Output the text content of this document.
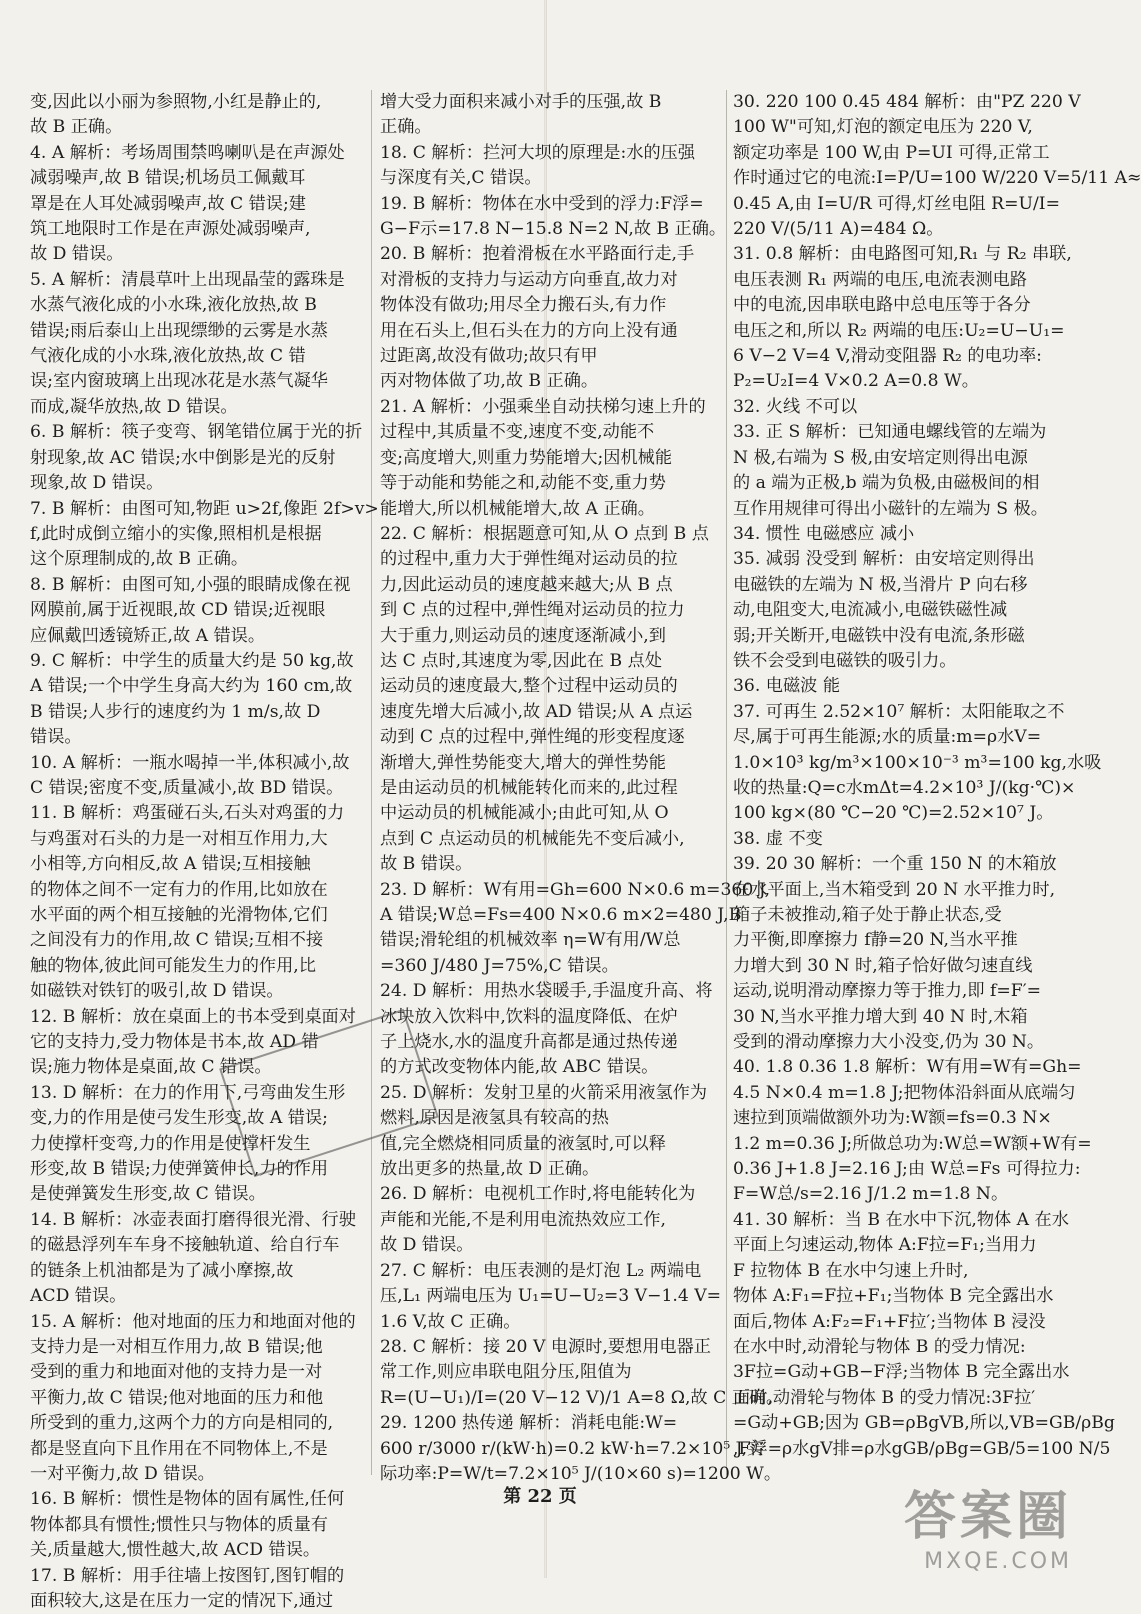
变,因此以小丽为参照物,小红是静止的,
故 B 正确。
4. A 解析：考场周围禁鸣喇叭是在声源处
减弱噪声,故 B 错误;机场员工佩戴耳
罩是在人耳处减弱噪声,故 C 错误;建
筑工地限时工作是在声源处减弱噪声,
故 D 错误。
5. A 解析：清晨草叶上出现晶莹的露珠是
水蒸气液化成的小水珠,液化放热,故 B
错误;雨后泰山上出现缥缈的云雾是水蒸
气液化成的小水珠,液化放热,故 C 错
误;室内窗玻璃上出现冰花是水蒸气凝华
而成,凝华放热,故 D 错误。
6. B 解析：筷子变弯、钢笔错位属于光的折
射现象,故 AC 错误;水中倒影是光的反射
现象,故 D 错误。
7. B 解析：由图可知,物距 u>2f,像距 2f>v>
f,此时成倒立缩小的实像,照相机是根据
这个原理制成的,故 B 正确。
8. B 解析：由图可知,小强的眼睛成像在视
网膜前,属于近视眼,故 CD 错误;近视眼
应佩戴凹透镜矫正,故 A 错误。
9. C 解析：中学生的质量大约是 50 kg,故
A 错误;一个中学生身高大约为 160 cm,故
B 错误;人步行的速度约为 1 m/s,故 D
错误。
10. A 解析：一瓶水喝掉一半,体积减小,故
C 错误;密度不变,质量减小,故 BD 错误。
11. B 解析：鸡蛋碰石头,石头对鸡蛋的力
与鸡蛋对石头的力是一对相互作用力,大
小相等,方向相反,故 A 错误;互相接触
的物体之间不一定有力的作用,比如放在
水平面的两个相互接触的光滑物体,它们
之间没有力的作用,故 C 错误;互相不接
触的物体,彼此间可能发生力的作用,比
如磁铁对铁钉的吸引,故 D 错误。
12. B 解析：放在桌面上的书本受到桌面对
它的支持力,受力物体是书本,故 AD 错
误;施力物体是桌面,故 C 错误。
13. D 解析：在力的作用下,弓弯曲发生形
变,力的作用是使弓发生形变,故 A 错误;
力使撑杆变弯,力的作用是使撑杆发生
形变,故 B 错误;力使弹簧伸长,力的作用
是使弹簧发生形变,故 C 错误。
14. B 解析：冰壶表面打磨得很光滑、行驶
的磁悬浮列车车身不接触轨道、给自行车
的链条上机油都是为了减小摩擦,故
ACD 错误。
15. A 解析：他对地面的压力和地面对他的
支持力是一对相互作用力,故 B 错误;他
受到的重力和地面对他的支持力是一对
平衡力,故 C 错误;他对地面的压力和他
所受到的重力,这两个力的方向是相同的,
都是竖直向下且作用在不同物体上,不是
一对平衡力,故 D 错误。
16. B 解析：惯性是物体的固有属性,任何
物体都具有惯性;惯性只与物体的质量有
关,质量越大,惯性越大,故 ACD 错误。
17. B 解析：用手往墙上按图钉,图钉帽的
面积较大,这是在压力一定的情况下,通过
增大受力面积来减小对手的压强,故 B
正确。
18. C 解析：拦河大坝的原理是:水的压强
与深度有关,C 错误。
19. B 解析：物体在水中受到的浮力:F浮=
G−F示=17.8 N−15.8 N=2 N,故 B 正确。
20. B 解析：抱着滑板在水平路面行走,手
对滑板的支持力与运动方向垂直,故力对
物体没有做功;用尽全力搬石头,有力作
用在石头上,但石头在力的方向上没有通
过距离,故没有做功;故只有甲
丙对物体做了功,故 B 正确。
21. A 解析：小强乘坐自动扶梯匀速上升的
过程中,其质量不变,速度不变,动能不
变;高度增大,则重力势能增大;因机械能
等于动能和势能之和,动能不变,重力势
能增大,所以机械能增大,故 A 正确。
22. C 解析：根据题意可知,从 O 点到 B 点
的过程中,重力大于弹性绳对运动员的拉
力,因此运动员的速度越来越大;从 B 点
到 C 点的过程中,弹性绳对运动员的拉力
大于重力,则运动员的速度逐渐减小,到
达 C 点时,其速度为零,因此在 B 点处
运动员的速度最大,整个过程中运动员的
速度先增大后减小,故 AD 错误;从 A 点运
动到 C 点的过程中,弹性绳的形变程度逐
渐增大,弹性势能变大,增大的弹性势能
是由运动员的机械能转化而来的,此过程
中运动员的机械能减小;由此可知,从 O
点到 C 点运动员的机械能先不变后减小,
故 B 错误。
23. D 解析：W有用=Gh=600 N×0.6 m=360 J,
A 错误;W总=Fs=400 N×0.6 m×2=480 J,B
错误;滑轮组的机械效率 η=W有用/W总
=360 J/480 J=75%,C 错误。
24. D 解析：用热水袋暖手,手温度升高、将
冰块放入饮料中,饮料的温度降低、在炉
子上烧水,水的温度升高都是通过热传递
的方式改变物体内能,故 ABC 错误。
25. D 解析：发射卫星的火箭采用液氢作为
燃料,原因是液氢具有较高的热
值,完全燃烧相同质量的液氢时,可以释
放出更多的热量,故 D 正确。
26. D 解析：电视机工作时,将电能转化为
声能和光能,不是利用电流热效应工作,
故 D 错误。
27. C 解析：电压表测的是灯泡 L₂ 两端电
压,L₁ 两端电压为 U₁=U−U₂=3 V−1.4 V=
1.6 V,故 C 正确。
28. C 解析：接 20 V 电源时,要想用电器正
常工作,则应串联电阻分压,阻值为
R=(U−U₁)/I=(20 V−12 V)/1 A=8 Ω,故 C 正确。
29. 1200 热传递 解析：消耗电能:W=
600 r/3000 r/(kW·h)=0.2 kW·h=7.2×10⁵ J,实
际功率:P=W/t=7.2×10⁵ J/(10×60 s)=1200 W。
30. 220 100 0.45 484 解析：由"PZ 220 V
100 W"可知,灯泡的额定电压为 220 V,
额定功率是 100 W,由 P=UI 可得,正常工
作时通过它的电流:I=P/U=100 W/220 V=5/11 A≈
0.45 A,由 I=U/R 可得,灯丝电阻 R=U/I=
220 V/(5/11 A)=484 Ω。
31. 0.8 解析：由电路图可知,R₁ 与 R₂ 串联,
电压表测 R₁ 两端的电压,电流表测电路
中的电流,因串联电路中总电压等于各分
电压之和,所以 R₂ 两端的电压:U₂=U−U₁=
6 V−2 V=4 V,滑动变阻器 R₂ 的电功率:
P₂=U₂I=4 V×0.2 A=0.8 W。
32. 火线 不可以
33. 正 S 解析：已知通电螺线管的左端为
N 极,右端为 S 极,由安培定则得出电源
的 a 端为正极,b 端为负极,由磁极间的相
互作用规律可得出小磁针的左端为 S 极。
34. 惯性 电磁感应 减小
35. 减弱 没受到 解析：由安培定则得出
电磁铁的左端为 N 极,当滑片 P 向右移
动,电阻变大,电流减小,电磁铁磁性减
弱;开关断开,电磁铁中没有电流,条形磁
铁不会受到电磁铁的吸引力。
36. 电磁波 能
37. 可再生 2.52×10⁷ 解析：太阳能取之不
尽,属于可再生能源;水的质量:m=ρ水V=
1.0×10³ kg/m³×100×10⁻³ m³=100 kg,水吸
收的热量:Q=c水mΔt=4.2×10³ J/(kg·℃)×
100 kg×(80 ℃−20 ℃)=2.52×10⁷ J。
38. 虚 不变
39. 20 30 解析：一个重 150 N 的木箱放
在水平面上,当木箱受到 20 N 水平推力时,
箱子未被推动,箱子处于静止状态,受
力平衡,即摩擦力 f静=20 N,当水平推
力增大到 30 N 时,箱子恰好做匀速直线
运动,说明滑动摩擦力等于推力,即 f=F′=
30 N,当水平推力增大到 40 N 时,木箱
受到的滑动摩擦力大小没变,仍为 30 N。
40. 1.8 0.36 1.8 解析：W有用=W有=Gh=
4.5 N×0.4 m=1.8 J;把物体沿斜面从底端匀
速拉到顶端做额外功为:W额=fs=0.3 N×
1.2 m=0.36 J;所做总功为:W总=W额+W有=
0.36 J+1.8 J=2.16 J;由 W总=Fs 可得拉力:
F=W总/s=2.16 J/1.2 m=1.8 N。
41. 30 解析：当 B 在水中下沉,物体 A 在水
平面上匀速运动,物体 A:F拉=F₁;当用力
F 拉物体 B 在水中匀速上升时,
物体 A:F₁=F拉+F₁;当物体 B 完全露出水
面后,物体 A:F₂=F₁+F拉′;当物体 B 浸没
在水中时,动滑轮与物体 B 的受力情况:
3F拉=G动+GB−F浮;当物体 B 完全露出水
面时,动滑轮与物体 B 的受力情况:3F拉′
=G动+GB;因为 GB=ρBgVB,所以,VB=GB/ρBg
,F浮=ρ水gV排=ρ水gGB/ρBg=GB/5=100 N/5
第 22 页	答案圈
MXQE.COM
